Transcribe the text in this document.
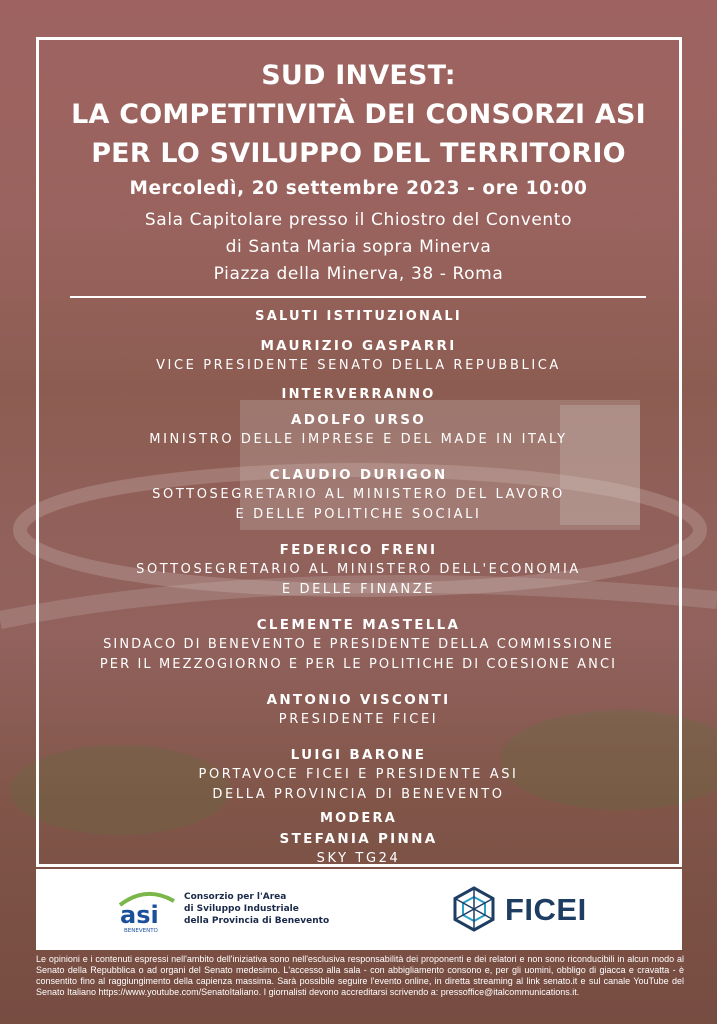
SUD INVEST:
LA COMPETITIVITÀ DEI CONSORZI ASI
PER LO SVILUPPO DEL TERRITORIO
Mercoledì, 20 settembre 2023 - ore 10:00
Sala Capitolare presso il Chiostro del Convento
di Santa Maria sopra Minerva
Piazza della Minerva, 38 - Roma
SALUTI ISTITUZIONALI
MAURIZIO GASPARRI
VICE PRESIDENTE SENATO DELLA REPUBBLICA
INTERVERRANNO
ADOLFO URSO
MINISTRO DELLE IMPRESE E DEL MADE IN ITALY
CLAUDIO DURIGON
SOTTOSEGRETARIO AL MINISTERO DEL LAVORO
E DELLE POLITICHE SOCIALI
FEDERICO FRENI
SOTTOSEGRETARIO AL MINISTERO DELL'ECONOMIA
E DELLE FINANZE
CLEMENTE MASTELLA
SINDACO DI BENEVENTO E PRESIDENTE DELLA COMMISSIONE
PER IL MEZZOGIORNO E PER LE POLITICHE DI COESIONE ANCI
ANTONIO VISCONTI
PRESIDENTE FICEI
LUIGI BARONE
PORTAVOCE FICEI E PRESIDENTE ASI
DELLA PROVINCIA DI BENEVENTO
MODERA
STEFANIA PINNA
SKY TG24
asi
BENEVENTO
Consorzio per l'Area
di Sviluppo Industriale
della Provincia di Benevento	FICEI
Le opinioni e i contenuti espressi nell'ambito dell'iniziativa sono nell'esclusiva responsabilità dei proponenti e dei relatori e non sono riconducibili in alcun modo al Senato della Repubblica o ad organi del Senato medesimo. L'accesso alla sala - con abbigliamento consono e, per gli uomini, obbligo di giacca e cravatta - è consentito fino al raggiungimento della capienza massima. Sarà possibile seguire l'evento online, in diretta streaming al link senato.it e sul canale YouTube del Senato Italiano https://www.youtube.com/SenatoItaliano. I giornalisti devono accreditarsi scrivendo a: pressoffice@italcommunications.it.
